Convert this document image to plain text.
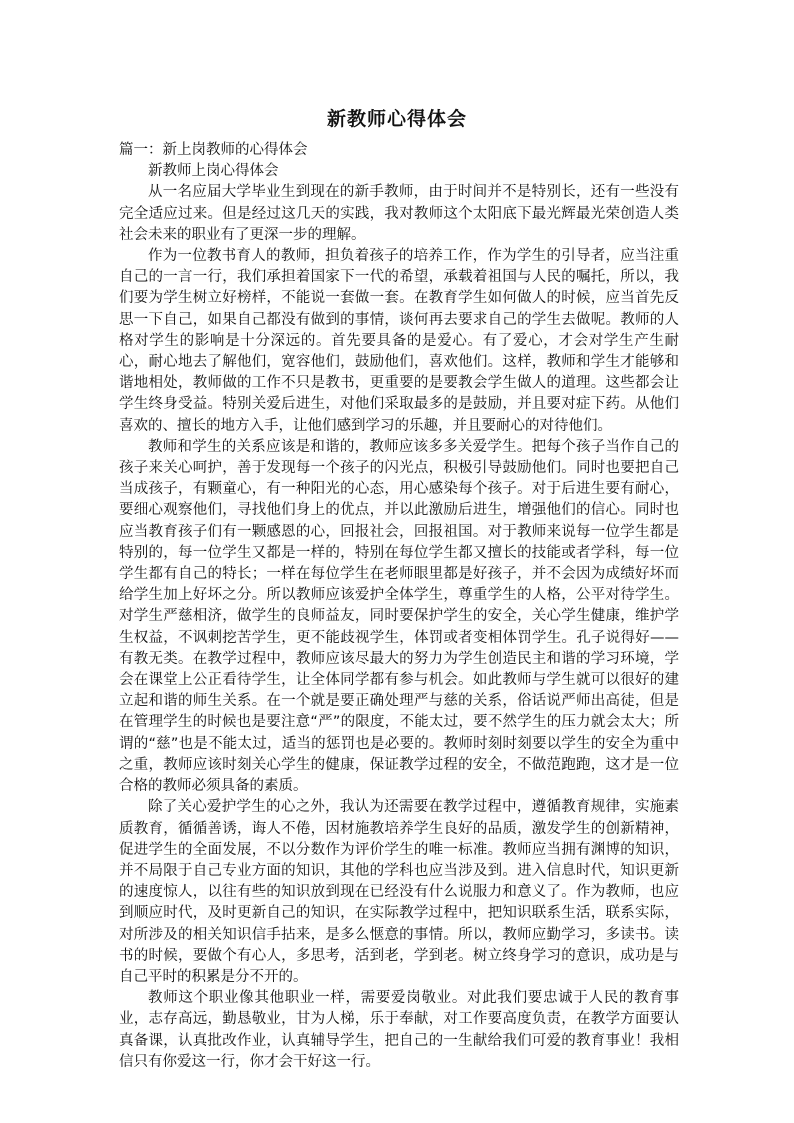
新教师心得体会

篇一：新上岗教师的心得体会

新教师上岗心得体会

从一名应届大学毕业生到现在的新手教师，由于时间并不是特别长，还有一些没有完全适应过来。但是经过这几天的实践，我对教师这个太阳底下最光辉最光荣创造人类社会未来的职业有了更深一步的理解。

作为一位教书育人的教师，担负着孩子的培养工作，作为学生的引导者，应当注重自己的一言一行，我们承担着国家下一代的希望，承载着祖国与人民的嘱托，所以，我们要为学生树立好榜样，不能说一套做一套。在教育学生如何做人的时候，应当首先反思一下自己，如果自己都没有做到的事情，谈何再去要求自己的学生去做呢。教师的人格对学生的影响是十分深远的。首先要具备的是爱心。有了爱心，才会对学生产生耐心，耐心地去了解他们，宽容他们，鼓励他们，喜欢他们。这样，教师和学生才能够和谐地相处，教师做的工作不只是教书，更重要的是要教会学生做人的道理。这些都会让学生终身受益。特别关爱后进生，对他们采取最多的是鼓励，并且要对症下药。从他们喜欢的、擅长的地方入手，让他们感到学习的乐趣，并且要耐心的对待他们。

教师和学生的关系应该是和谐的，教师应该多多关爱学生。把每个孩子当作自己的孩子来关心呵护，善于发现每一个孩子的闪光点，积极引导鼓励他们。同时也要把自己当成孩子，有颗童心，有一种阳光的心态，用心感染每个孩子。对于后进生要有耐心，要细心观察他们，寻找他们身上的优点，并以此激励后进生，增强他们的信心。同时也应当教育孩子们有一颗感恩的心，回报社会，回报祖国。对于教师来说每一位学生都是特别的，每一位学生又都是一样的，特别在每位学生都又擅长的技能或者学科，每一位学生都有自己的特长；一样在每位学生在老师眼里都是好孩子，并不会因为成绩好坏而给学生加上好坏之分。所以教师应该爱护全体学生，尊重学生的人格，公平对待学生。对学生严慈相济，做学生的良师益友，同时要保护学生的安全，关心学生健康，维护学生权益，不讽刺挖苦学生，更不能歧视学生，体罚或者变相体罚学生。孔子说得好——有教无类。在教学过程中，教师应该尽最大的努力为学生创造民主和谐的学习环境，学会在课堂上公正看待学生，让全体同学都有参与机会。如此教师与学生就可以很好的建立起和谐的师生关系。在一个就是要正确处理严与慈的关系，俗话说严师出高徒，但是在管理学生的时候也是要注意“严”的限度，不能太过，要不然学生的压力就会太大；所谓的“慈”也是不能太过，适当的惩罚也是必要的。教师时刻时刻要以学生的安全为重中之重，教师应该时刻关心学生的健康，保证教学过程的安全，不做范跑跑，这才是一位合格的教师必须具备的素质。

除了关心爱护学生的心之外，我认为还需要在教学过程中，遵循教育规律，实施素质教育，循循善诱，诲人不倦，因材施教培养学生良好的品质，激发学生的创新精神，促进学生的全面发展，不以分数作为评价学生的唯一标准。教师应当拥有渊博的知识，并不局限于自己专业方面的知识，其他的学科也应当涉及到。进入信息时代，知识更新的速度惊人，以往有些的知识放到现在已经没有什么说服力和意义了。作为教师，也应到顺应时代，及时更新自己的知识，在实际教学过程中，把知识联系生活，联系实际，对所涉及的相关知识信手拈来，是多么惬意的事情。所以，教师应勤学习，多读书。读书的时候，要做个有心人，多思考，活到老，学到老。树立终身学习的意识，成功是与自己平时的积累是分不开的。

教师这个职业像其他职业一样，需要爱岗敬业。对此我们要忠诚于人民的教育事业，志存高远，勤恳敬业，甘为人梯，乐于奉献，对工作要高度负责，在教学方面要认真备课，认真批改作业，认真辅导学生，把自己的一生献给我们可爱的教育事业！我相信只有你爱这一行，你才会干好这一行。
